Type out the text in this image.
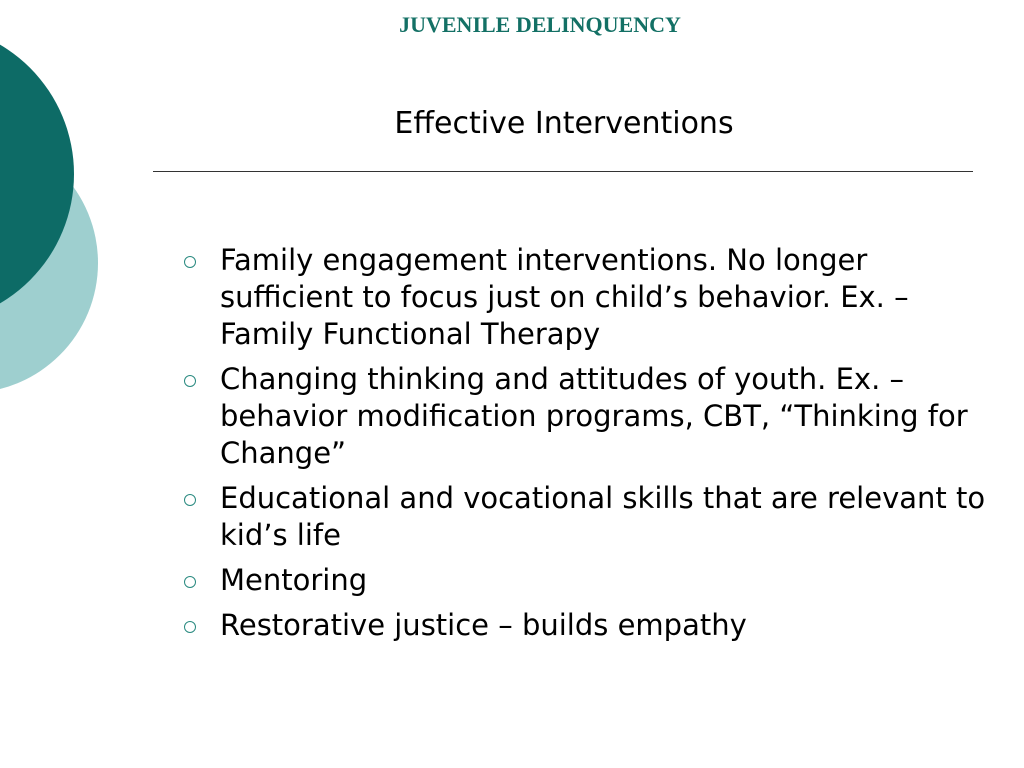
JUVENILE DELINQUENCY
Effective Interventions
Family engagement interventions. No longer sufficient to focus just on child’s behavior. Ex. – Family Functional Therapy
Changing thinking and attitudes of youth. Ex. – behavior modification programs, CBT, “Thinking for Change”
Educational and vocational skills that are relevant to kid’s life
Mentoring
Restorative justice – builds empathy
